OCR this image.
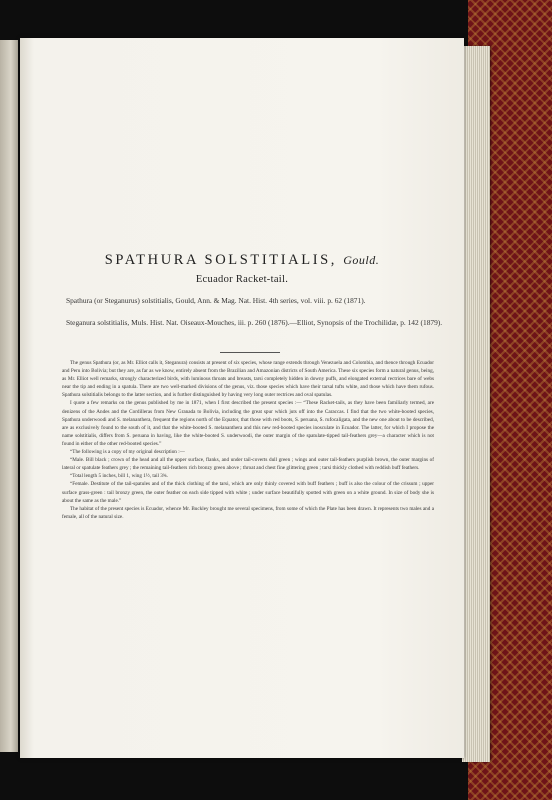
SPATHURA SOLSTITIALIS, Gould.
Ecuador Racket-tail.
Spathura (or Steganurus) solstitialis, Gould, Ann. & Mag. Nat. Hist. 4th series, vol. viii. p. 62 (1871).
Steganura solstitialis, Muls. Hist. Nat. Oiseaux-Mouches, iii. p. 260 (1876).—Elliot, Synopsis of the Trochilidæ, p. 142 (1879).

The genus Spathura (or, as Mr. Elliot calls it, Steganura) consists at present of six species, whose range extends through Venezuela and Colombia, and thence through Ecuador and Peru into Bolivia; but they are, as far as we know, entirely absent from the Brazilian and Amazonian districts of South America. These six species form a natural genus, being, as Mr. Elliot well remarks, strongly characterized birds, with luminous throats and breasts, tarsi completely hidden in downy puffs, and elongated external rectrices bare of webs near the tip and ending in a spatula. There are two well-marked divisions of the genus, viz. those species which have their tarsal tufts white, and those which have them rufous. Spathura solstitialis belongs to the latter section, and is further distinguished by having very long outer rectrices and oval spatulas.

I quote a few remarks on the genus published by me in 1871, when I first described the present species :— “These Racket-tails, as they have been familiarly termed, are denizens of the Andes and the Cordilleras from New Granada to Bolivia, including the great spur which juts off into the Caraccas. I find that the two white-booted species, Spathura underwoodi and S. melanantherа, frequent the regions north of the Equator, that those with red boots, S. peruana, S. rufocaligata, and the new one about to be described, are as exclusively found to the south of it, and that the white-booted S. melananthera and this new red-booted species inosculate in Ecuador. The latter, for which I propose the name solstitialis, differs from S. peruana in having, like the white-booted S. underwoodi, the outer margin of the spatulate-tipped tail-feathers grey—a character which is not found in either of the other red-booted species.”

“The following is a copy of my original description :—

“Male. Bill black ; crown of the head and all the upper surface, flanks, and under tail-coverts dull green ; wings and outer tail-feathers purplish brown, the outer margins of lateral or spatulate feathers grey ; the remaining tail-feathers rich bronzy green above ; throat and chest fine glittering green ; tarsi thickly clothed with reddish buff feathers.

“Total length 5 inches, bill 1, wing 1½, tail 3¾.

“Female. Destitute of the tail-spatules and of the thick clothing of the tarsi, which are only thinly covered with buff feathers ; buff is also the colour of the crissum ; upper surface grass-green : tail bronzy green, the outer feather on each side tipped with white ; under surface beautifully spotted with green on a white ground. In size of body she is about the same as the male.”

The habitat of the present species is Ecuador, whence Mr. Buckley brought me several specimens, from some of which the Plate has been drawn. It represents two males and a female, all of the natural size.
